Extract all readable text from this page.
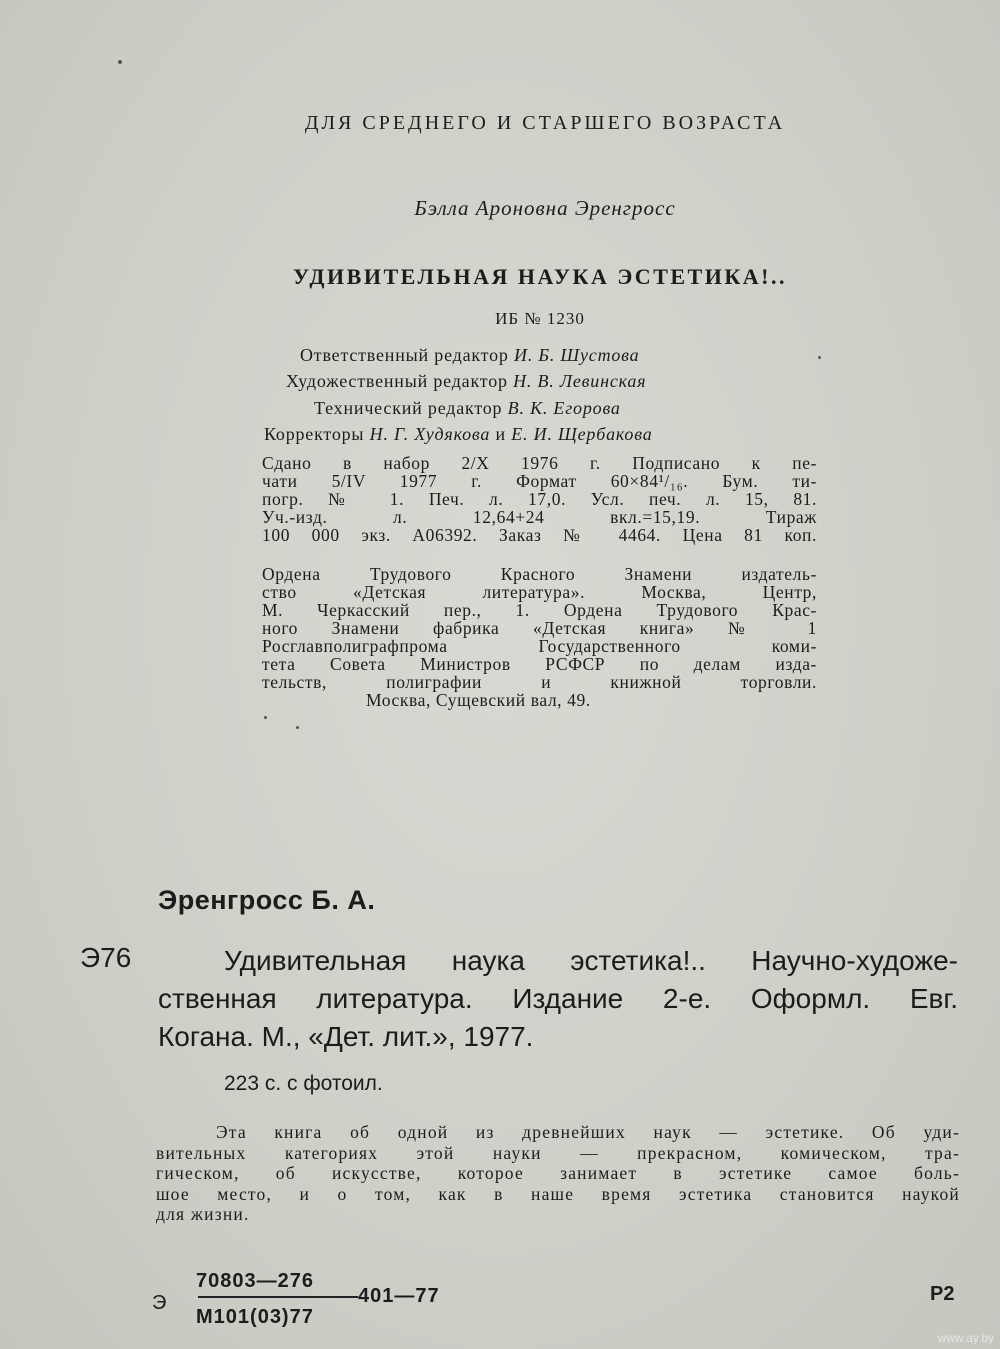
ДЛЯ СРЕДНЕГО И СТАРШЕГО ВОЗРАСТА
Бэлла Ароновна Эренгросс
УДИВИТЕЛЬНАЯ НАУКА ЭСТЕТИКА!..
ИБ № 1230
Ответственный редактор И. Б. Шустова
Художественный редактор Н. В. Левинская
Технический редактор В. К. Егорова
Корректоры Н. Г. Худякова и Е. И. Щербакова
Сдано в набор 2/X 1976 г. Подписано к пе-
чати 5/IV 1977 г. Формат 60×84¹/₁₆. Бум. ти-
погр. № 1. Печ. л. 17,0. Усл. печ. л. 15, 81.
Уч.-изд. л. 12,64+24 вкл.=15,19. Тираж
100 000 экз. А06392. Заказ № 4464. Цена 81 коп.
Ордена Трудового Красного Знамени издатель-
ство «Детская литература». Москва, Центр,
М. Черкасский пер., 1. Ордена Трудового Крас-
ного Знамени фабрика «Детская книга» № 1
Росглавполиграфпрома Государственного коми-
тета Совета Министров РСФСР по делам изда-
тельств, полиграфии и книжной торговли.
Москва, Сущевский вал, 49.
Эренгросс Б. А.
Э76	Удивительная наука эстетика!.. Научно-художе-
ственная литература. Издание 2-е. Оформл. Евг.
Когана. М., «Дет. лит.», 1977.
223 с. с фотоил.
Эта книга об одной из древнейших наук — эстетике. Об уди-
вительных категориях этой науки — прекрасном, комическом, тра-
гическом, об искусстве, которое занимает в эстетике самое боль-
шое место, и о том, как в наше время эстетика становится наукой
для жизни.
Э
70803—276
М101(03)77
401—77	Р2
www.ay.by
